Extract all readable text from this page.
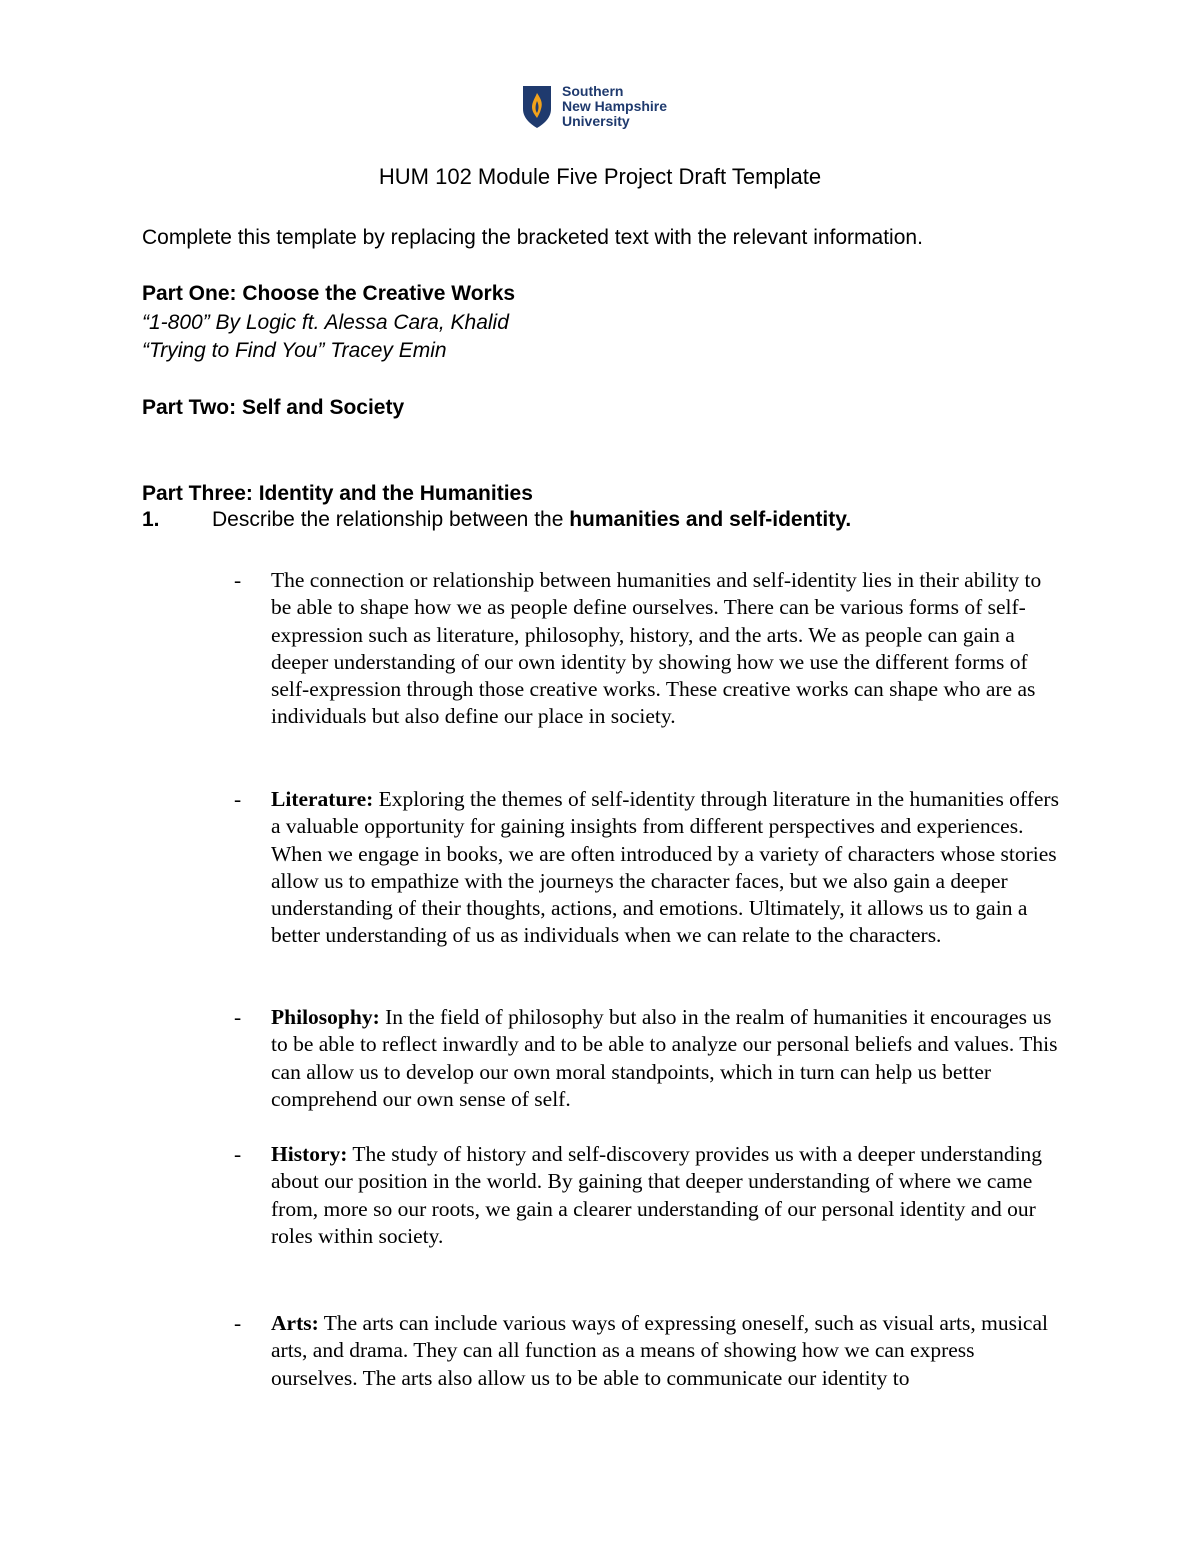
Southern
New Hampshire
University
HUM 102 Module Five Project Draft Template
Complete this template by replacing the bracketed text with the relevant information.
Part One: Choose the Creative Works
“1-800” By Logic ft. Alessa Cara, Khalid
“Trying to Find You” Tracey Emin
Part Two: Self and Society
Part Three: Identity and the Humanities
1. Describe the relationship between the humanities and self-identity.
- The connection or relationship between humanities and self-identity lies in their ability to be able to shape how we as people define ourselves. There can be various forms of self-expression such as literature, philosophy, history, and the arts. We as people can gain a deeper understanding of our own identity by showing how we use the different forms of self-expression through those creative works. These creative works can shape who are as individuals but also define our place in society.
- Literature: Exploring the themes of self-identity through literature in the humanities offers a valuable opportunity for gaining insights from different perspectives and experiences. When we engage in books, we are often introduced by a variety of characters whose stories allow us to empathize with the journeys the character faces, but we also gain a deeper understanding of their thoughts, actions, and emotions. Ultimately, it allows us to gain a better understanding of us as individuals when we can relate to the characters.
- Philosophy: In the field of philosophy but also in the realm of humanities it encourages us to be able to reflect inwardly and to be able to analyze our personal beliefs and values. This can allow us to develop our own moral standpoints, which in turn can help us better comprehend our own sense of self.
- History: The study of history and self-discovery provides us with a deeper understanding about our position in the world. By gaining that deeper understanding of where we came from, more so our roots, we gain a clearer understanding of our personal identity and our roles within society.
- Arts: The arts can include various ways of expressing oneself, such as visual arts, musical arts, and drama. They can all function as a means of showing how we can express ourselves. The arts also allow us to be able to communicate our identity to
